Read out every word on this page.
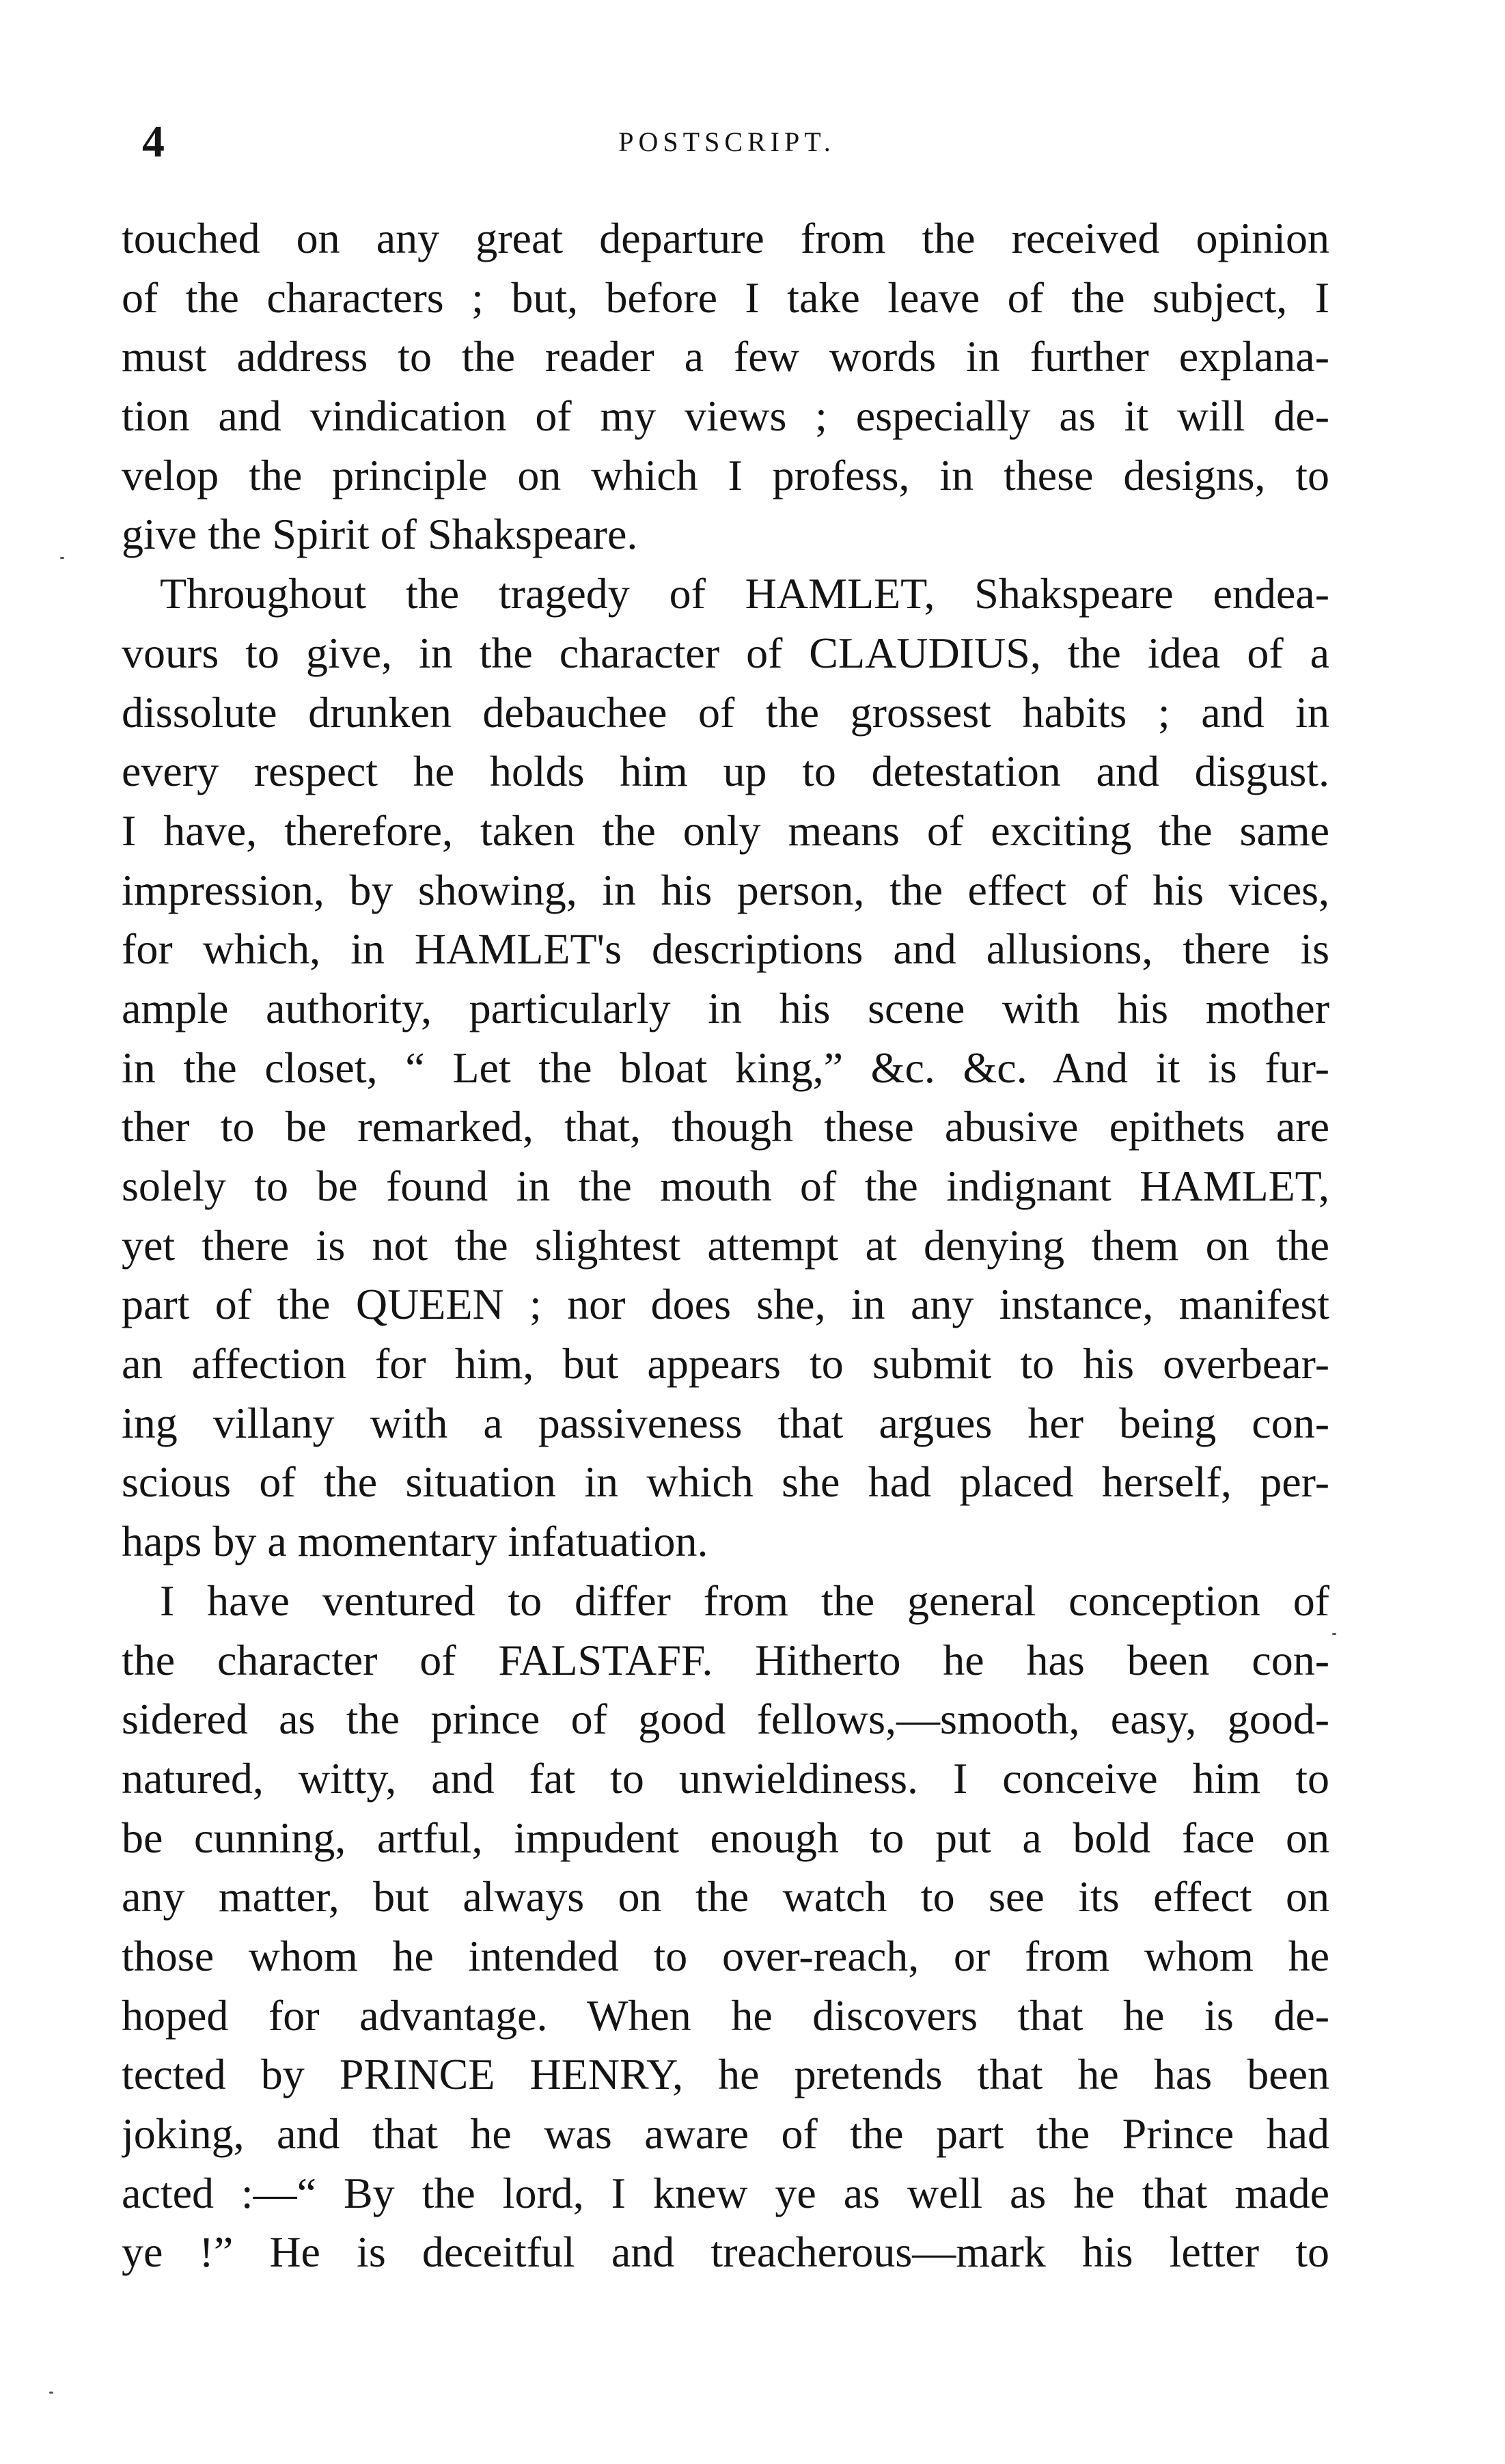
4	POSTSCRIPT.
touched on any great departure from the received opinion
of the characters ; but, before I take leave of the subject, I
must address to the reader a few words in further explana-
tion and vindication of my views ; especially as it will de-
velop the principle on which I profess, in these designs, to
give the Spirit of Shakspeare.
Throughout the tragedy of HAMLET, Shakspeare endea-
vours to give, in the character of CLAUDIUS, the idea of a
dissolute drunken debauchee of the grossest habits ; and in
every respect he holds him up to detestation and disgust.
I have, therefore, taken the only means of exciting the same
impression, by showing, in his person, the effect of his vices,
for which, in HAMLET's descriptions and allusions, there is
ample authority, particularly in his scene with his mother
in the closet, “ Let the bloat king,” &c. &c. And it is fur-
ther to be remarked, that, though these abusive epithets are
solely to be found in the mouth of the indignant HAMLET,
yet there is not the slightest attempt at denying them on the
part of the QUEEN ; nor does she, in any instance, manifest
an affection for him, but appears to submit to his overbear-
ing villany with a passiveness that argues her being con-
scious of the situation in which she had placed herself, per-
haps by a momentary infatuation.
I have ventured to differ from the general conception of
the character of FALSTAFF. Hitherto he has been con-
sidered as the prince of good fellows,—smooth, easy, good-
natured, witty, and fat to unwieldiness. I conceive him to
be cunning, artful, impudent enough to put a bold face on
any matter, but always on the watch to see its effect on
those whom he intended to over-reach, or from whom he
hoped for advantage. When he discovers that he is de-
tected by PRINCE HENRY, he pretends that he has been
joking, and that he was aware of the part the Prince had
acted :—“ By the lord, I knew ye as well as he that made
ye !” He is deceitful and treacherous—mark his letter to
